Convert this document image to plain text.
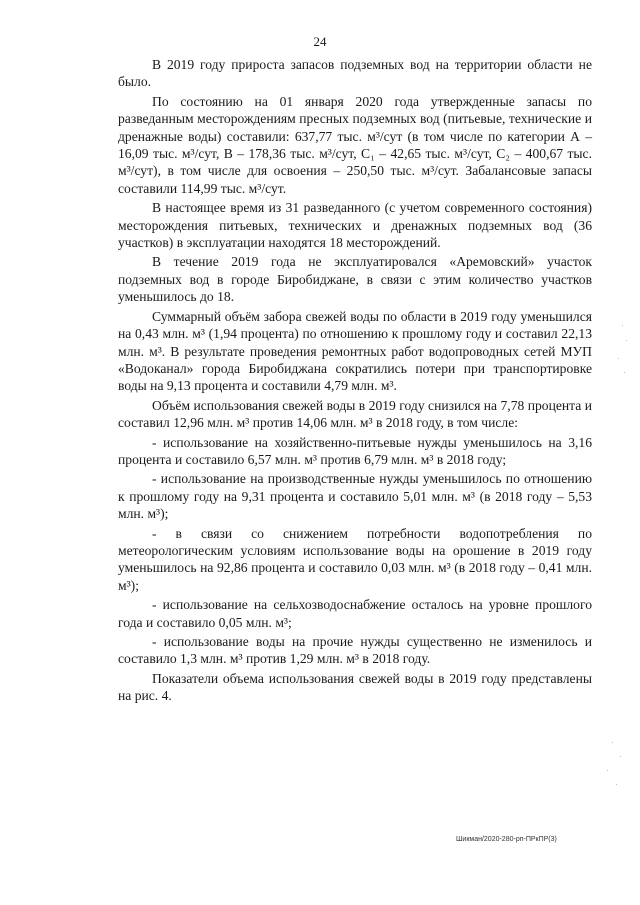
24

В 2019 году прироста запасов подземных вод на территории области не было.

По состоянию на 01 января 2020 года утвержденные запасы по разведанным месторождениям пресных подземных вод (питьевые, технические и дренажные воды) составили: 637,77 тыс. м³/сут (в том числе по категории А – 16,09 тыс. м³/сут, В – 178,36 тыс. м³/сут, С₁ – 42,65 тыс. м³/сут, С₂ – 400,67 тыс. м³/сут), в том числе для освоения – 250,50 тыс. м³/сут. Забалансовые запасы составили 114,99 тыс. м³/сут.

В настоящее время из 31 разведанного (с учетом современного состояния) месторождения питьевых, технических и дренажных подземных вод (36 участков) в эксплуатации находятся 18 месторождений.

В течение 2019 года не эксплуатировался «Аремовский» участок подземных вод в городе Биробиджане, в связи с этим количество участков уменьшилось до 18.

Суммарный объём забора свежей воды по области в 2019 году уменьшился на 0,43 млн. м³ (1,94 процента) по отношению к прошлому году и составил 22,13 млн. м³. В результате проведения ремонтных работ водопроводных сетей МУП «Водоканал» города Биробиджана сократились потери при транспортировке воды на 9,13 процента и составили 4,79 млн. м³.

Объём использования свежей воды в 2019 году снизился на 7,78 процента и составил 12,96 млн. м³ против 14,06 млн. м³ в 2018 году, в том числе:

- использование на хозяйственно-питьевые нужды уменьшилось на 3,16 процента и составило 6,57 млн. м³ против 6,79 млн. м³ в 2018 году;

- использование на производственные нужды уменьшилось по отношению к прошлому году на 9,31 процента и составило 5,01 млн. м³ (в 2018 году – 5,53 млн. м³);

- в связи со снижением потребности водопотребления по метеорологическим условиям использование воды на орошение в 2019 году уменьшилось на 92,86 процента и составило 0,03 млн. м³ (в 2018 году – 0,41 млн. м³);

- использование на сельхозводоснабжение осталось на уровне прошлого года и составило 0,05 млн. м³;

- использование воды на прочие нужды существенно не изменилось и составило 1,3 млн. м³ против 1,29 млн. м³ в 2018 году.

Показатели объема использования свежей воды в 2019 году представлены на рис. 4.

Шикман/2020-280-рп-ПРкПР(3)
